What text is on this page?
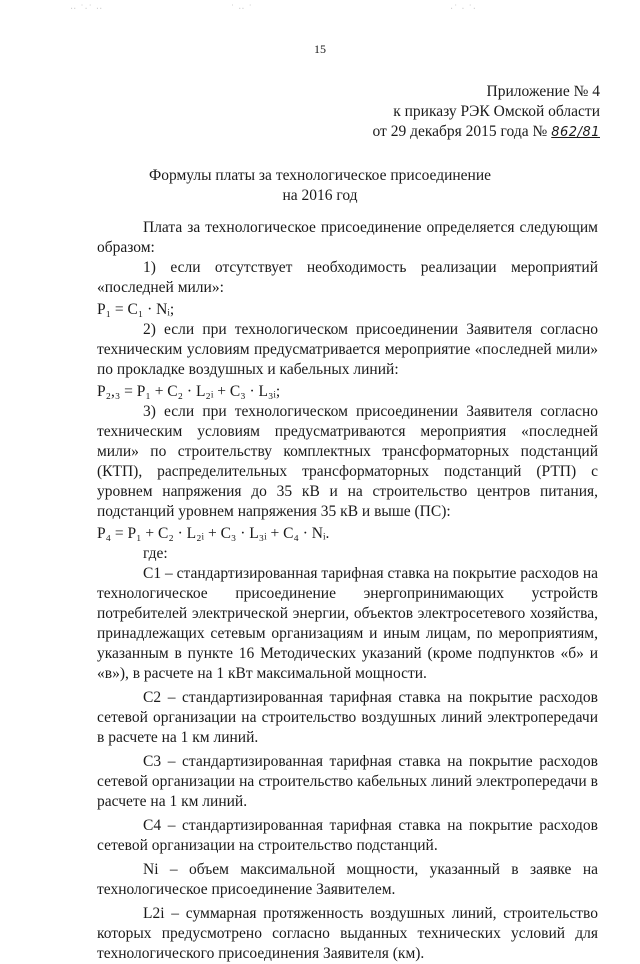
·· ˙·˙ ··	˙ ·· ˙	·˙ · ˙·
15
Приложение № 4
к приказу РЭК Омской области
от 29 декабря 2015 года № 862/81
Формулы платы за технологическое присоединение
на 2016 год

Плата за технологическое присоединение определяется следующим образом:

1) если отсутствует необходимость реализации мероприятий «последней мили»:

P₁ = C₁ · Nᵢ;

2) если при технологическом присоединении Заявителя согласно техническим условиям предусматривается мероприятие «последней мили» по прокладке воздушных и кабельных линий:

P₂,₃ = P₁ + C₂ · L₂ᵢ + C₃ · L₃ᵢ;

3) если при технологическом присоединении Заявителя согласно техническим условиям предусматриваются мероприятия «последней мили» по строительству комплектных трансформаторных подстанций (КТП), распределительных трансформаторных подстанций (РТП) с уровнем напряжения до 35 кВ и на строительство центров питания, подстанций уровнем напряжения 35 кВ и выше (ПС):

P₄ = P₁ + C₂ · L₂ᵢ + C₃ · L₃ᵢ + C₄ · Nᵢ.

где:

C1 – стандартизированная тарифная ставка на покрытие расходов на технологическое присоединение энергопринимающих устройств потребителей электрической энергии, объектов электросетевого хозяйства, принадлежащих сетевым организациям и иным лицам, по мероприятиям, указанным в пункте 16 Методических указаний (кроме подпунктов «б» и «в»), в расчете на 1 кВт максимальной мощности.

C2 – стандартизированная тарифная ставка на покрытие расходов сетевой организации на строительство воздушных линий электропередачи в расчете на 1 км линий.

C3 – стандартизированная тарифная ставка на покрытие расходов сетевой организации на строительство кабельных линий электропередачи в расчете на 1 км линий.

C4 – стандартизированная тарифная ставка на покрытие расходов сетевой организации на строительство подстанций.

Ni – объем максимальной мощности, указанный в заявке на технологическое присоединение Заявителем.

L2i – суммарная протяженность воздушных линий, строительство которых предусмотрено согласно выданных технических условий для технологического присоединения Заявителя (км).
